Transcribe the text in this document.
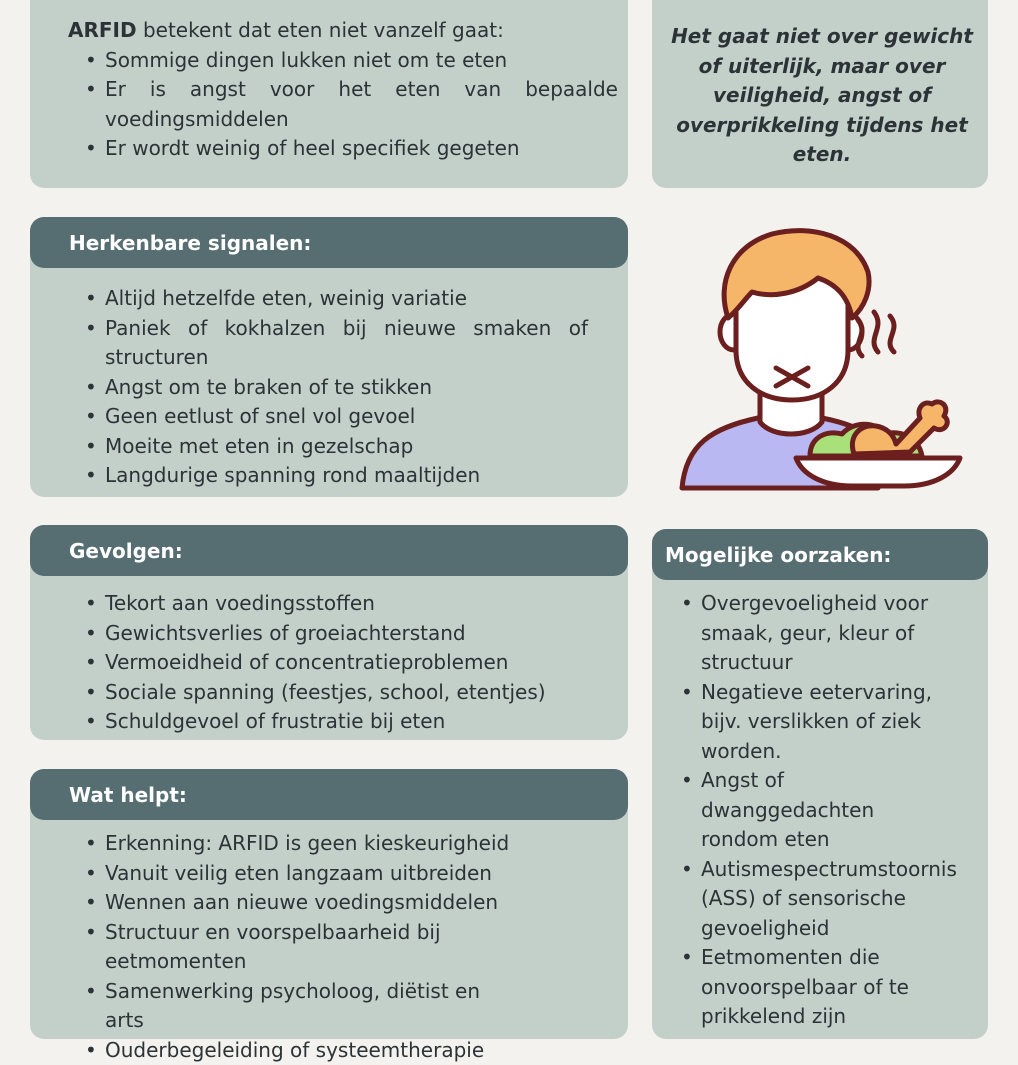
ARFID betekent dat eten niet vanzelf gaat:
• Sommige dingen lukken niet om te eten
• Er is angst voor het eten van bepaalde voedingsmiddelen
• Er wordt weinig of heel specifiek gegeten
Het gaat niet over gewicht of uiterlijk, maar over veiligheid, angst of overprikkeling tijdens het eten.
Herkenbare signalen:
• Altijd hetzelfde eten, weinig variatie
• Paniek of kokhalzen bij nieuwe smaken of structuren
• Angst om te braken of te stikken
• Geen eetlust of snel vol gevoel
• Moeite met eten in gezelschap
• Langdurige spanning rond maaltijden
Gevolgen:
• Tekort aan voedingsstoffen
• Gewichtsverlies of groeiachterstand
• Vermoeidheid of concentratieproblemen
• Sociale spanning (feestjes, school, etentjes)
• Schuldgevoel of frustratie bij eten
Wat helpt:
• Erkenning: ARFID is geen kieskeurigheid
• Vanuit veilig eten langzaam uitbreiden
• Wennen aan nieuwe voedingsmiddelen
• Structuur en voorspelbaarheid bij eetmomenten
• Samenwerking psycholoog, diëtist en arts
• Ouderbegeleiding of systeemtherapie
Mogelijke oorzaken:
• Overgevoeligheid voor smaak, geur, kleur of structuur
• Negatieve eetervaring, bijv. verslikken of ziek worden.
• Angst of dwanggedachten rondom eten
• Autismespectrumstoornis (ASS) of sensorische gevoeligheid
• Eetmomenten die onvoorspelbaar of te prikkelend zijn
